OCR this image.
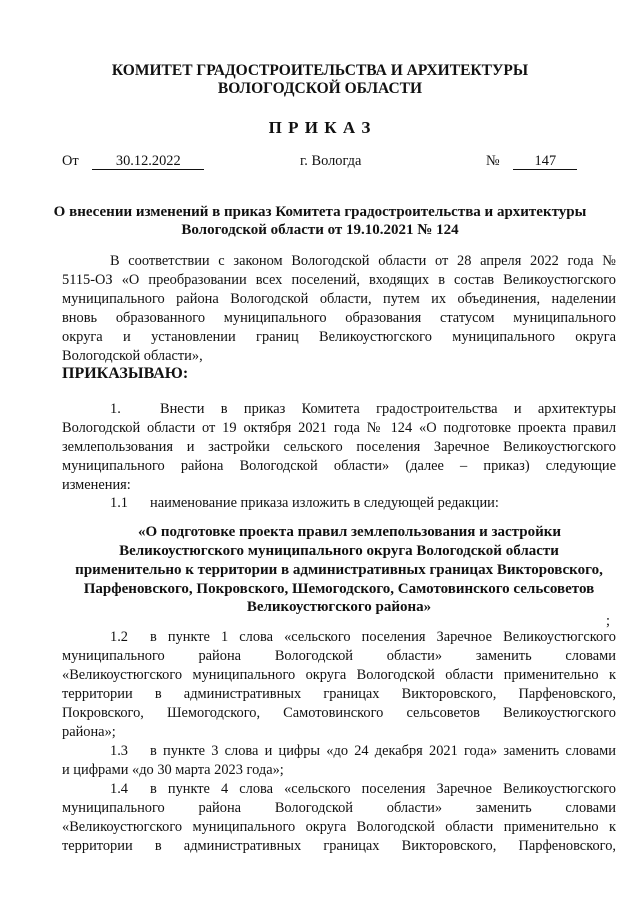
КОМИТЕТ ГРАДОСТРОИТЕЛЬСТВА И АРХИТЕКТУРЫ
ВОЛОГОДСКОЙ ОБЛАСТИ
П Р И К А З
От	30.12.2022	г. Вологда	№ 147
О внесении изменений в приказ Комитета градостроительства и архитектуры
Вологодской области от 19.10.2021 № 124
В соответствии с законом Вологодской области от 28 апреля 2022 года №
5115-ОЗ «О преобразовании всех поселений, входящих в состав Великоустюгского
муниципального района Вологодской области, путем их объединения, наделении
вновь образованного муниципального образования статусом муниципального
округа и установлении границ Великоустюгского муниципального округа
Вологодской области»,
ПРИКАЗЫВАЮ:
1.	Внести в приказ Комитета градостроительства и архитектуры
Вологодской области от 19 октября 2021 года № 124 «О подготовке проекта правил
землепользования и застройки сельского поселения Заречное Великоустюгского
муниципального района Вологодской области» (далее – приказ) следующие
изменения:
1.1 наименование приказа изложить в следующей редакции:
«О подготовке проекта правил землепользования и застройки
Великоустюгского муниципального округа Вологодской области
применительно к территории в административных границах Викторовского,
Парфеновского, Покровского, Шемогодского, Самотовинского сельсоветов
Великоустюгского района»
;
1.2 в пункте 1 слова «сельского поселения Заречное Великоустюгского
муниципального района Вологодской области» заменить словами
«Великоустюгского муниципального округа Вологодской области применительно к
территории в административных границах Викторовского, Парфеновского,
Покровского, Шемогодского, Самотовинского сельсоветов Великоустюгского
района»;
1.3 в пункте 3 слова и цифры «до 24 декабря 2021 года» заменить словами
и цифрами «до 30 марта 2023 года»;
1.4 в пункте 4 слова «сельского поселения Заречное Великоустюгского
муниципального района Вологодской области» заменить словами
«Великоустюгского муниципального округа Вологодской области применительно к
территории в административных границах Викторовского, Парфеновского,
